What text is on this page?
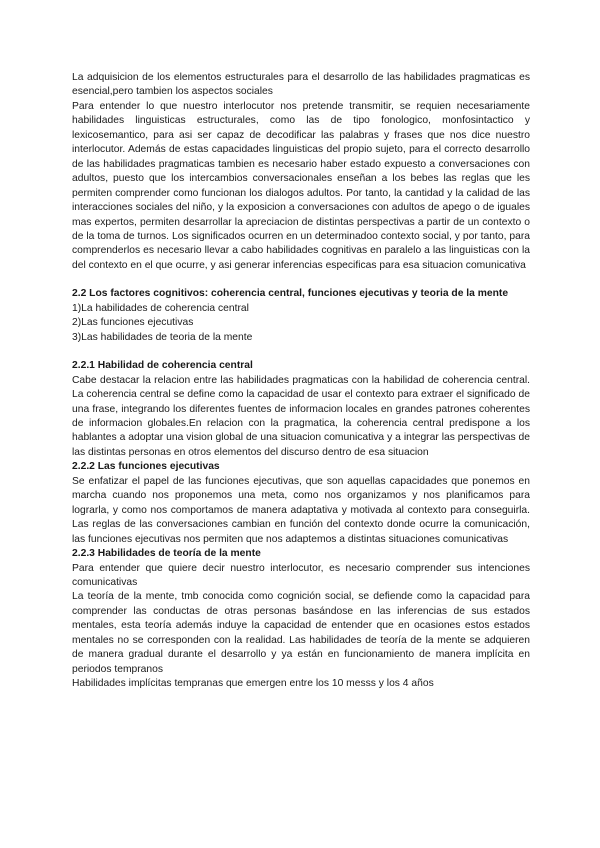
La adquisicion de los elementos estructurales para el desarrollo de las habilidades pragmaticas es esencial,pero tambien los aspectos sociales

Para entender lo que nuestro interlocutor nos pretende transmitir, se requien necesariamente habilidades linguisticas estructurales, como las de tipo fonologico, monfosintactico y lexicosemantico, para asi ser capaz de decodificar las palabras y frases que nos dice nuestro interlocutor. Además de estas capacidades linguisticas del propio sujeto, para el correcto desarrollo de las habilidades pragmaticas tambien es necesario haber estado expuesto a conversaciones con adultos, puesto que los intercambios conversacionales enseñan a los bebes las reglas que les permiten comprender como funcionan los dialogos adultos. Por tanto, la cantidad y la calidad de las interacciones sociales del niño, y la exposicion a conversaciones con adultos de apego o de iguales mas expertos, permiten desarrollar la apreciacion de distintas perspectivas a partir de un contexto o de la toma de turnos. Los significados ocurren en un determinadoo contexto social, y por tanto, para comprenderlos es necesario llevar a cabo habilidades cognitivas en paralelo a las linguisticas con la del contexto en el que ocurre, y asi generar inferencias especificas para esa situacion comunicativa

2.2 Los factores cognitivos: coherencia central, funciones ejecutivas y teoria de la mente

1)La habilidades de coherencia central
2)Las funciones ejecutivas
3)Las habilidades de teoria de la mente

2.2.1 Habilidad de coherencia central

Cabe destacar la relacion entre las habilidades pragmaticas con la habilidad de coherencia central. La coherencia central se define como la capacidad de usar el contexto para extraer el significado de una frase, integrando los diferentes fuentes de informacion locales en grandes patrones coherentes de informacion globales.En relacion con la pragmatica, la coherencia central predispone a los hablantes a adoptar una vision global de una situacion comunicativa y a integrar las perspectivas de las distintas personas en otros elementos del discurso dentro de esa situacion

2.2.2 Las funciones ejecutivas

Se enfatizar el papel de las funciones ejecutivas, que son aquellas capacidades que ponemos en marcha cuando nos proponemos una meta, como nos organizamos y nos planificamos para lograrla, y como nos comportamos de manera adaptativa y motivada al contexto para conseguirla. Las reglas de las conversaciones cambian en función del contexto donde ocurre la comunicación, las funciones ejecutivas nos permiten que nos adaptemos a distintas situaciones comunicativas

2.2.3 Habilidades de teoría de la mente

Para entender que quiere decir nuestro interlocutor, es necesario comprender sus intenciones comunicativas

La teoría de la mente, tmb conocida como cognición social, se defiende como la capacidad para comprender las conductas de otras personas basándose en las inferencias de sus estados mentales, esta teoría además induye la capacidad de entender que en ocasiones estos estados mentales no se corresponden con la realidad. Las habilidades de teoría de la mente se adquieren de manera gradual durante el desarrollo y ya están en funcionamiento de manera implícita en periodos tempranos

Habilidades implícitas tempranas que emergen entre los 10 messs y los 4 años
